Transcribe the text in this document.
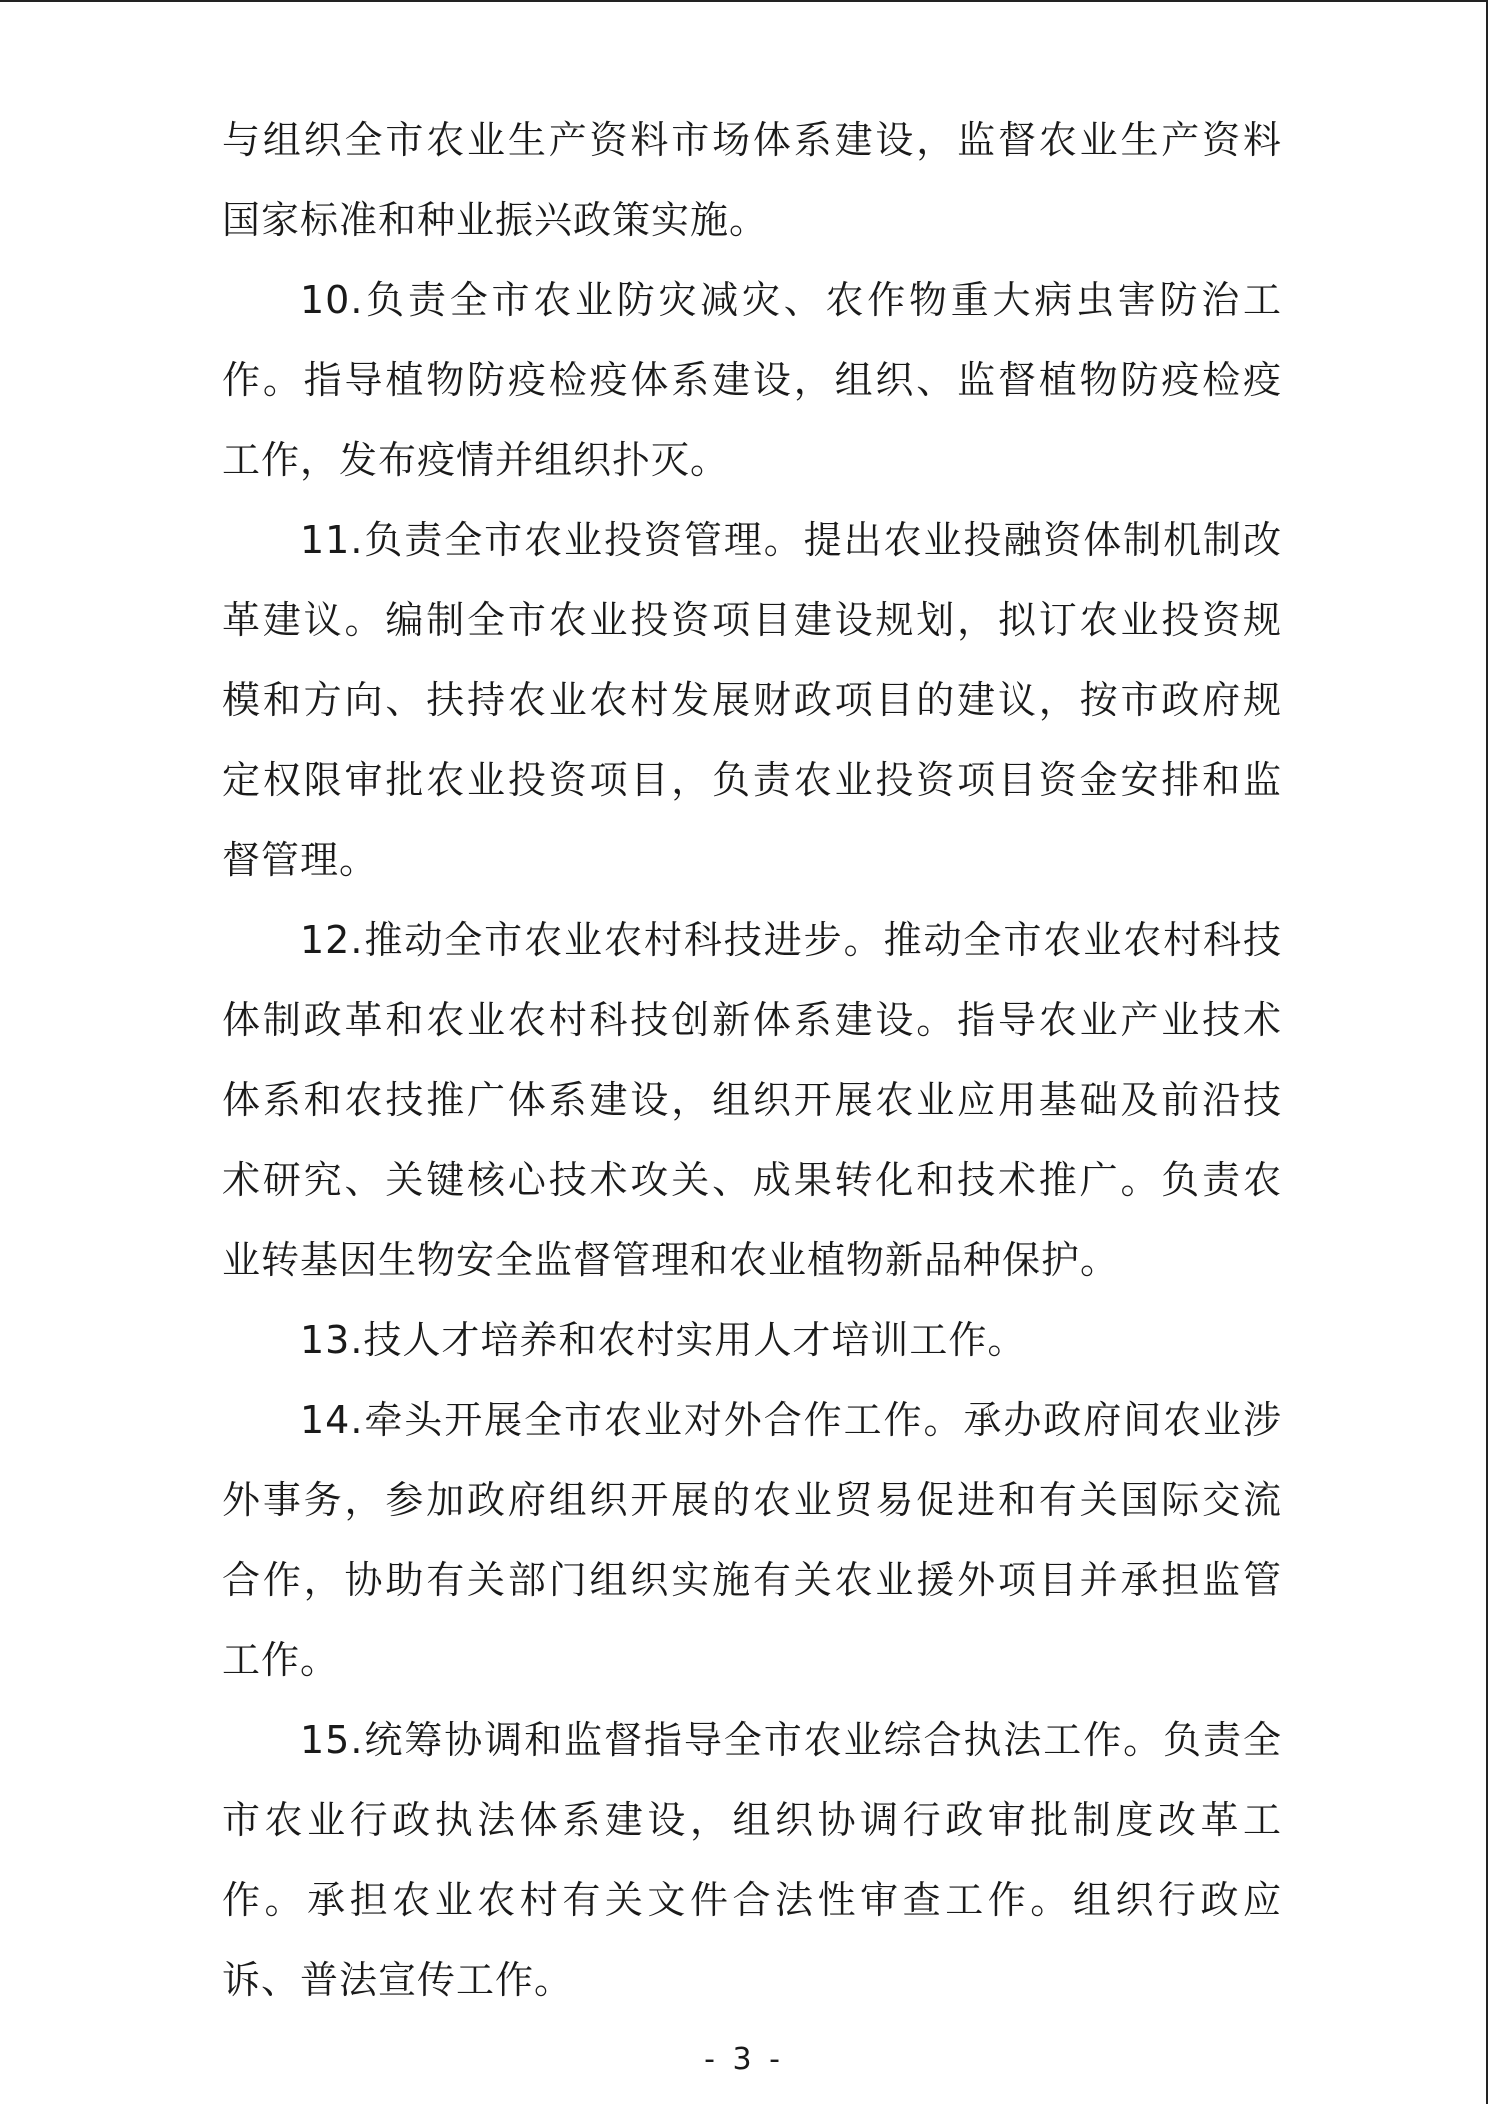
与组织全市农业生产资料市场体系建设，监督农业生产资料
国家标准和种业振兴政策实施。
10.负责全市农业防灾减灾、农作物重大病虫害防治工
作。指导植物防疫检疫体系建设，组织、监督植物防疫检疫
工作，发布疫情并组织扑灭。
11.负责全市农业投资管理。提出农业投融资体制机制改
革建议。编制全市农业投资项目建设规划，拟订农业投资规
模和方向、扶持农业农村发展财政项目的建议，按市政府规
定权限审批农业投资项目，负责农业投资项目资金安排和监
督管理。
12.推动全市农业农村科技进步。推动全市农业农村科技
体制政革和农业农村科技创新体系建设。指导农业产业技术
体系和农技推广体系建设，组织开展农业应用基础及前沿技
术研究、关键核心技术攻关、成果转化和技术推广。负责农
业转基因生物安全监督管理和农业植物新品种保护。
13.技人才培养和农村实用人才培训工作。
14.牵头开展全市农业对外合作工作。承办政府间农业涉
外事务，参加政府组织开展的农业贸易促进和有关国际交流
合作，协助有关部门组织实施有关农业援外项目并承担监管
工作。
15.统筹协调和监督指导全市农业综合执法工作。负责全
市农业行政执法体系建设，组织协调行政审批制度改革工
作。承担农业农村有关文件合法性审查工作。组织行政应
诉、普法宣传工作。
- 3 -
